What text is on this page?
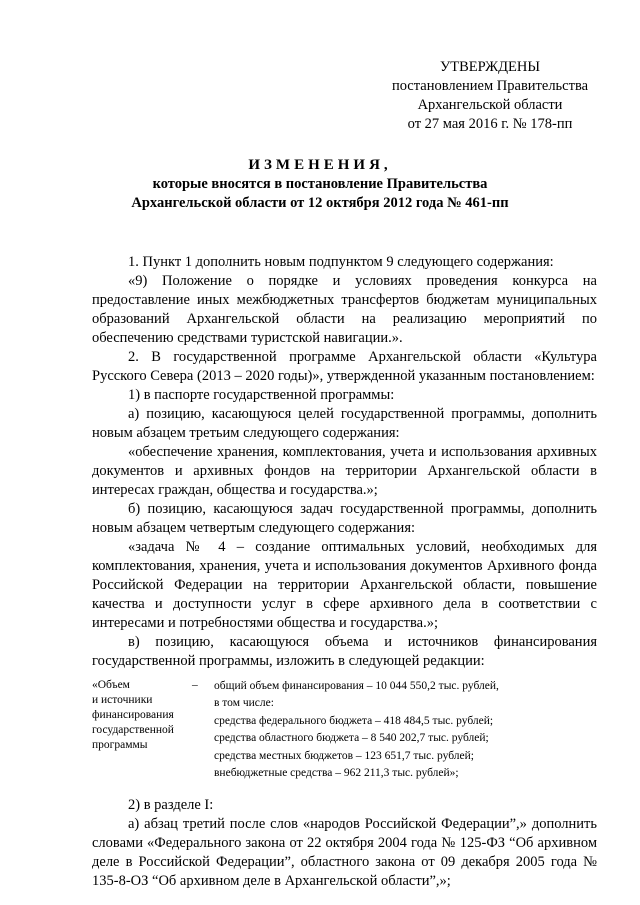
УТВЕРЖДЕНЫ
постановлением Правительства
Архангельской области
от 27 мая 2016 г. № 178-пп
ИЗМЕНЕНИЯ,
которые вносятся в постановление Правительства
Архангельской области от 12 октября 2012 года № 461-пп

1. Пункт 1 дополнить новым подпунктом 9 следующего содержания:

«9) Положение о порядке и условиях проведения конкурса на предоставление иных межбюджетных трансфертов бюджетам муниципальных образований Архангельской области на реализацию мероприятий по обеспечению средствами туристской навигации.».

2. В государственной программе Архангельской области «Культура Русского Севера (2013 – 2020 годы)», утвержденной указанным постановлением:

1) в паспорте государственной программы:

а) позицию, касающуюся целей государственной программы, дополнить новым абзацем третьим следующего содержания:

«обеспечение хранения, комплектования, учета и использования архивных документов и архивных фондов на территории Архангельской области в интересах граждан, общества и государства.»;

б) позицию, касающуюся задач государственной программы, дополнить новым абзацем четвертым следующего содержания:

«задача № 4 – создание оптимальных условий, необходимых для комплектования, хранения, учета и использования документов Архивного фонда Российской Федерации на территории Архангельской области, повышение качества и доступности услуг в сфере архивного дела в соответствии с интересами и потребностями общества и государства.»;

в) позицию, касающуюся объема и источников финансирования государственной программы, изложить в следующей редакции:

«Объем
и источники
финансирования
государственной
программы
–	общий объем финансирования – 10 044 550,2 тыс. рублей,
в том числе:
средства федерального бюджета – 418 484,5 тыс. рублей;
средства областного бюджета – 8 540 202,7 тыс. рублей;
средства местных бюджетов – 123 651,7 тыс. рублей;
внебюджетные средства – 962 211,3 тыс. рублей»;

2) в разделе I:

а) абзац третий после слов «народов Российской Федерации”,» дополнить словами «Федерального закона от 22 октября 2004 года № 125-ФЗ “Об архивном деле в Российской Федерации”, областного закона от 09 декабря 2005 года № 135-8-ОЗ “Об архивном деле в Архангельской области”,»;
